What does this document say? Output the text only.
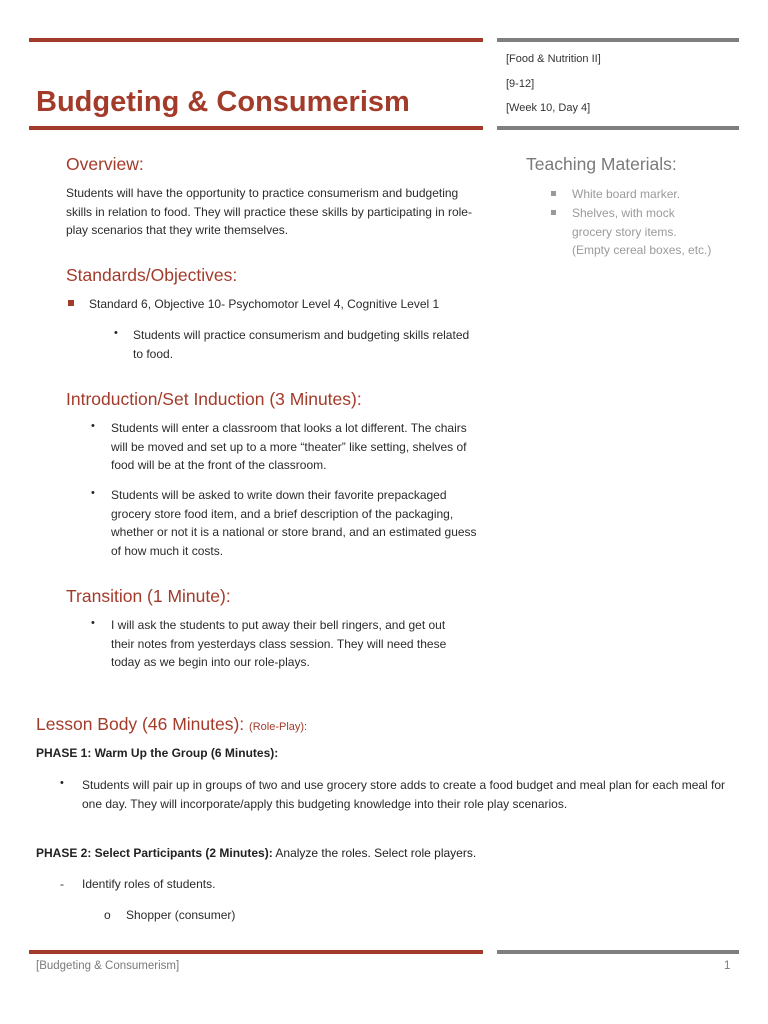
Budgeting & Consumerism
[Food & Nutrition II]
[9-12]
[Week 10, Day 4]
Overview:
Students will have the opportunity to practice consumerism and budgeting skills in relation to food. They will practice these skills by participating in role-play scenarios that they write themselves.
Teaching Materials:
White board marker.
Shelves, with mock grocery story items. (Empty cereal boxes, etc.)
Standards/Objectives:
Standard 6, Objective 10- Psychomotor Level 4, Cognitive Level 1
• Students will practice consumerism and budgeting skills related to food.
Introduction/Set Induction (3 Minutes):
• Students will enter a classroom that looks a lot different. The chairs will be moved and set up to a more “theater” like setting, shelves of food will be at the front of the classroom.
• Students will be asked to write down their favorite prepackaged grocery store food item, and a brief description of the packaging, whether or not it is a national or store brand, and an estimated guess of how much it costs.
Transition (1 Minute):
• I will ask the students to put away their bell ringers, and get out their notes from yesterdays class session. They will need these today as we begin into our role-plays.
Lesson Body (46 Minutes): (Role-Play):
PHASE 1: Warm Up the Group (6 Minutes):
• Students will pair up in groups of two and use grocery store adds to create a food budget and meal plan for each meal for one day. They will incorporate/apply this budgeting knowledge into their role play scenarios.
PHASE 2: Select Participants (2 Minutes): Analyze the roles. Select role players.
- Identify roles of students.
o Shopper (consumer)
[Budgeting & Consumerism]	1
